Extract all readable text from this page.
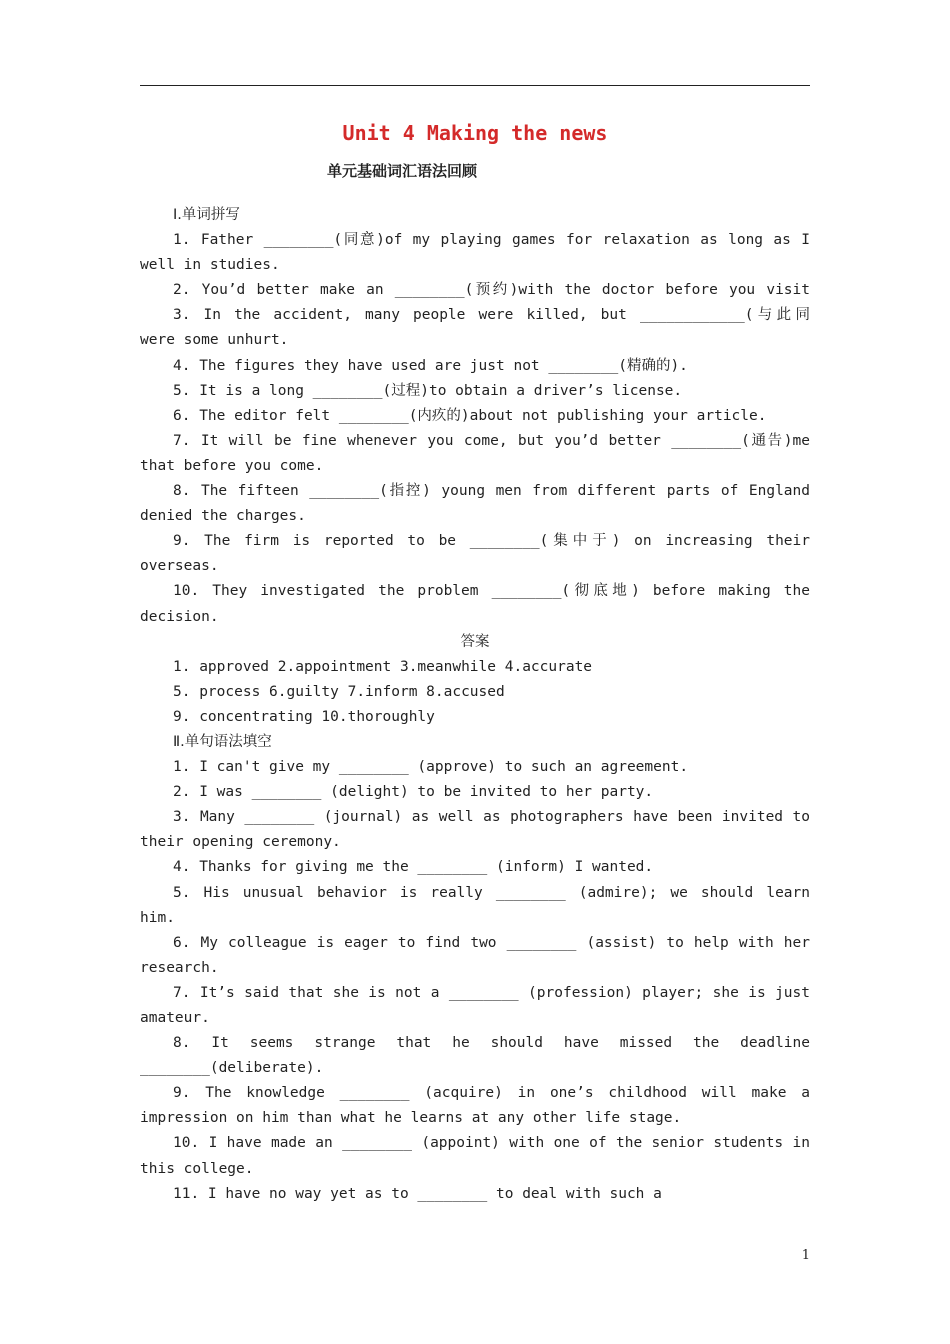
Unit 4 Making the news
单元基础词汇语法回顾
Ⅰ.单词拼写
1. Father ________(同意)of my playing games for relaxation as long as I
well in studies.
2. You’d better make an ________(预约)with the doctor before you visit
3. In the accident, many people were killed, but ____________(与此同
were some unhurt.
4. The figures they have used are just not ________(精确的).
5. It is a long ________(过程)to obtain a driver’s license.
6. The editor felt ________(内疚的)about not publishing your article.
7. It will be fine whenever you come, but you’d better ________(通告)me
that before you come.
8. The fifteen ________(指控) young men from different parts of England
denied the charges.
9. The firm is reported to be ________(集中于) on increasing their
overseas.
10. They investigated the problem ________(彻底地) before making the
decision.
答案
1. approved 2.appointment 3.meanwhile 4.accurate
5. process 6.guilty 7.inform 8.accused
9. concentrating 10.thoroughly
Ⅱ.单句语法填空
1. I can't give my ________ (approve) to such an agreement.
2. I was ________ (delight) to be invited to her party.
3. Many ________ (journal) as well as photographers have been invited to
their opening ceremony.
4. Thanks for giving me the ________ (inform) I wanted.
5. His unusual behavior is really ________ (admire); we should learn
him.
6. My colleague is eager to find two ________ (assist) to help with her
research.
7. It’s said that she is not a ________ (profession) player; she is just
amateur.
8. It seems strange that he should have missed the deadline
________(deliberate).
9. The knowledge ________ (acquire) in one’s childhood will make a
impression on him than what he learns at any other life stage.
10. I have made an ________ (appoint) with one of the senior students in
this college.
11. I have no way yet as to ________ to deal with such a
1
